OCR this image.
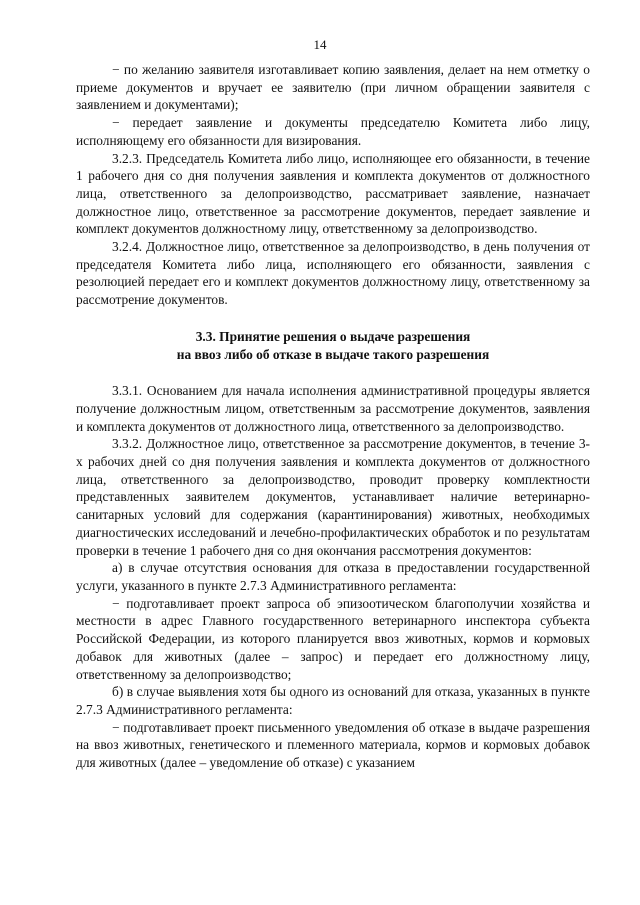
14

− по желанию заявителя изготавливает копию заявления, делает на нем отметку о приеме документов и вручает ее заявителю (при личном обращении заявителя с заявлением и документами);

− передает заявление и документы председателю Комитета либо лицу, исполняющему его обязанности для визирования.

3.2.3. Председатель Комитета либо лицо, исполняющее его обязанности, в течение 1 рабочего дня со дня получения заявления и комплекта документов от должностного лица, ответственного за делопроизводство, рассматривает заявление, назначает должностное лицо, ответственное за рассмотрение документов, передает заявление и комплект документов должностному лицу, ответственному за делопроизводство.

3.2.4. Должностное лицо, ответственное за делопроизводство, в день получения от председателя Комитета либо лица, исполняющего его обязанности, заявления с резолюцией передает его и комплект документов должностному лицу, ответственному за рассмотрение документов.

3.3. Принятие решения о выдаче разрешения
на ввоз либо об отказе в выдаче такого разрешения

3.3.1. Основанием для начала исполнения административной процедуры является получение должностным лицом, ответственным за рассмотрение документов, заявления и комплекта документов от должностного лица, ответственного за делопроизводство.

3.3.2. Должностное лицо, ответственное за рассмотрение документов, в течение 3-х рабочих дней со дня получения заявления и комплекта документов от должностного лица, ответственного за делопроизводство, проводит проверку комплектности представленных заявителем документов, устанавливает наличие ветеринарно-санитарных условий для содержания (карантинирования) животных, необходимых диагностических исследований и лечебно-профилактических обработок и по результатам проверки в течение 1 рабочего дня со дня окончания рассмотрения документов:

а) в случае отсутствия основания для отказа в предоставлении государственной услуги, указанного в пункте 2.7.3 Административного регламента:

− подготавливает проект запроса об эпизоотическом благополучии хозяйства и местности в адрес Главного государственного ветеринарного инспектора субъекта Российской Федерации, из которого планируется ввоз животных, кормов и кормовых добавок для животных (далее – запрос) и передает его должностному лицу, ответственному за делопроизводство;

б) в случае выявления хотя бы одного из оснований для отказа, указанных в пункте 2.7.3 Административного регламента:

− подготавливает проект письменного уведомления об отказе в выдаче разрешения на ввоз животных, генетического и племенного материала, кормов и кормовых добавок для животных (далее – уведомление об отказе) с указанием
